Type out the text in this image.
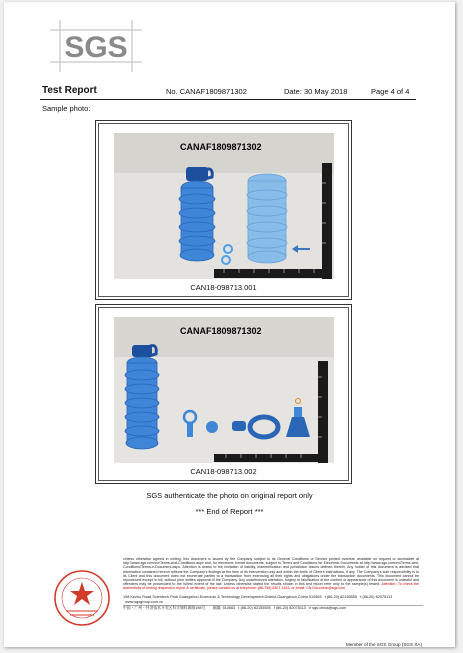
SGS
Test Report	No. CANAF1809871302	Date: 30 May 2018	Page 4 of 4
Sample photo:
CANAF1809871302
CAN18-098713.001
CANAF1809871302
CAN18-098713.002
SGS authenticate the photo on original report only
*** End of Report ***
Unless otherwise agreed in writing, this document is issued by the Company subject to its General Conditions of Service printed overleaf, available on request or accessible at http://www.sgs.com/en/Terms-and-Conditions.aspx and, for electronic format documents, subject to Terms and Conditions for Electronic Documents at http://www.sgs.com/en/Terms-and-Conditions/Terms-e-Document.aspx. Attention is drawn to the limitation of liability, indemnification and jurisdiction issues defined therein. Any holder of this document is advised that information contained hereon reflects the Company's findings at the time of its intervention only and within the limits of Client's instructions, if any. The Company's sole responsibility is to its Client and this document does not exonerate parties to a transaction from exercising all their rights and obligations under the transaction documents. This document cannot be reproduced except in full, without prior written approval of the Company. Any unauthorized alteration, forgery or falsification of the content or appearance of this document is unlawful and offenders may be prosecuted to the fullest extent of the law. Unless otherwise stated the results shown in this test report refer only to the sample(s) tested. Attention: To check the authenticity of testing /inspection report & certificate, please contact us at telephone: (86-755) 8307 1443, or email: CN.Doccheck@sgs.com
198 Kezhu Road,Scientech Park Guangzhou Economic & Technology Development District,Guangzhou,China 510663 t (86-20) 82155555 f (86-20) 82075113   www.sgsgroup.com.cn
中国・广州・经济技术开发区科学城科珠路198号　　邮编: 510663 t (86-20) 82155555 f (86-20) 82075113 e sgs.china@sgs.com
Member of the SGS Group (SGS SA)
